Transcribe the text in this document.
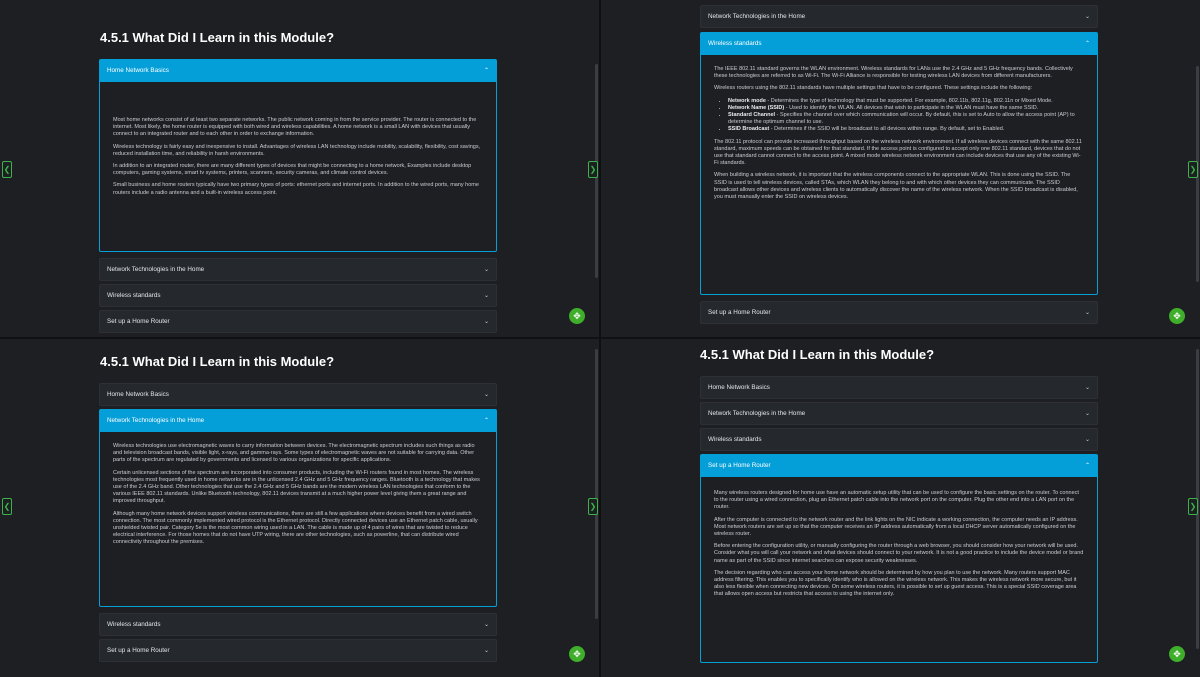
4.5.1 What Did I Learn in this Module?
Home Network Basics	⌃

Most home networks consist of at least two separate networks. The public network coming in from the service provider. The router is connected to the internet. Most likely, the home router is equipped with both wired and wireless capabilities. A home network is a small LAN with devices that usually connect to an integrated router and to each other in order to exchange information.

Wireless technology is fairly easy and inexpensive to install. Advantages of wireless LAN technology include mobility, scalability, flexibility, cost savings, reduced installation time, and reliability in harsh environments.

In addition to an integrated router, there are many different types of devices that might be connecting to a home network, Examples include desktop computers, gaming systems, smart tv systems, printers, scanners, security cameras, and climate control devices.

Small business and home routers typically have two primary types of ports: ethernet ports and internet ports. In addition to the wired ports, many home routers include a radio antenna and a built-in wireless access point.

Network Technologies in the Home	⌄
Wireless standards	⌄
Set up a Home Router	⌄
❮
✥
Network Technologies in the Home	⌄
Wireless standards	⌃

The IEEE 802.11 standard governs the WLAN environment. Wireless standards for LANs use the 2.4 GHz and 5 GHz frequency bands. Collectively these technologies are referred to as Wi-Fi. The Wi-Fi Alliance is responsible for testing wireless LAN devices from different manufacturers.

Wireless routers using the 802.11 standards have multiple settings that have to be configured. These settings include the following:

• Network mode - Determines the type of technology that must be supported. For example, 802.11b, 802.11g, 802.11n or Mixed Mode.
• Network Name (SSID) - Used to identify the WLAN. All devices that wish to participate in the WLAN must have the same SSID.
• Standard Channel - Specifies the channel over which communication will occur. By default, this is set to Auto to allow the access point (AP) to determine the optimum channel to use.
• SSID Broadcast - Determines if the SSID will be broadcast to all devices within range. By default, set to Enabled.

The 802.11 protocol can provide increased throughput based on the wireless network environment. If all wireless devices connect with the same 802.11 standard, maximum speeds can be obtained for that standard. If the access point is configured to accept only one 802.11 standard, devices that do not use that standard cannot connect to the access point. A mixed mode wireless network environment can include devices that use any of the existing Wi-Fi standards.

When building a wireless network, it is important that the wireless components connect to the appropriate WLAN. This is done using the SSID. The SSID is used to tell wireless devices, called STAs, which WLAN they belong to and with which other devices they can communicate. The SSID broadcast allows other devices and wireless clients to automatically discover the name of the wireless network. When the SSID broadcast is disabled, you must manually enter the SSID on wireless devices.

Set up a Home Router	⌄
❯
✥
❯
4.5.1 What Did I Learn in this Module?
Home Network Basics	⌄
Network Technologies in the Home	⌃

Wireless technologies use electromagnetic waves to carry information between devices. The electromagnetic spectrum includes such things as radio and television broadcast bands, visible light, x-rays, and gamma-rays. Some types of electromagnetic waves are not suitable for carrying data. Other parts of the spectrum are regulated by governments and licensed to various organizations for specific applications.

Certain unlicensed sections of the spectrum are incorporated into consumer products, including the Wi-Fi routers found in most homes. The wireless technologies most frequently used in home networks are in the unlicensed 2.4 GHz and 5 GHz frequency ranges. Bluetooth is a technology that makes use of the 2.4 GHz band. Other technologies that use the 2.4 GHz and 5 GHz bands are the modern wireless LAN technologies that conform to the various IEEE 802.11 standards. Unlike Bluetooth technology, 802.11 devices transmit at a much higher power level giving them a great range and improved throughput.

Although many home network devices support wireless communications, there are still a few applications where devices benefit from a wired switch connection. The most commonly implemented wired protocol is the Ethernet protocol. Directly connected devices use an Ethernet patch cable, usually unshielded twisted pair. Category 5e is the most common wiring used in a LAN. The cable is made up of 4 pairs of wires that are twisted to reduce electrical interference. For those homes that do not have UTP wiring, there are other technologies, such as powerline, that can distribute wired connectivity throughout the premises.

Wireless standards	⌄
Set up a Home Router	⌄
❮
✥
❯
4.5.1 What Did I Learn in this Module?
Home Network Basics	⌄
Network Technologies in the Home	⌄
Wireless standards	⌄
Set up a Home Router	⌃

Many wireless routers designed for home use have an automatic setup utility that can be used to configure the basic settings on the router. To connect to the router using a wired connection, plug an Ethernet patch cable into the network port on the computer. Plug the other end into a LAN port on the router.

After the computer is connected to the network router and the link lights on the NIC indicate a working connection, the computer needs an IP address. Most network routers are set up so that the computer receives an IP address automatically from a local DHCP server automatically configured on the wireless router.

Before entering the configuration utility, or manually configuring the router through a web browser, you should consider how your network will be used. Consider what you will call your network and what devices should connect to your network. It is not a good practice to include the device model or brand name as part of the SSID since internet searches can expose security weaknesses.

The decision regarding who can access your home network should be determined by how you plan to use the network. Many routers support MAC address filtering. This enables you to specifically identify who is allowed on the wireless network. This makes the wireless network more secure, but it also less flexible when connecting new devices. On some wireless routers, it is possible to set up guest access. This is a special SSID coverage area that allows open access but restricts that access to using the internet only.

❯
✥
